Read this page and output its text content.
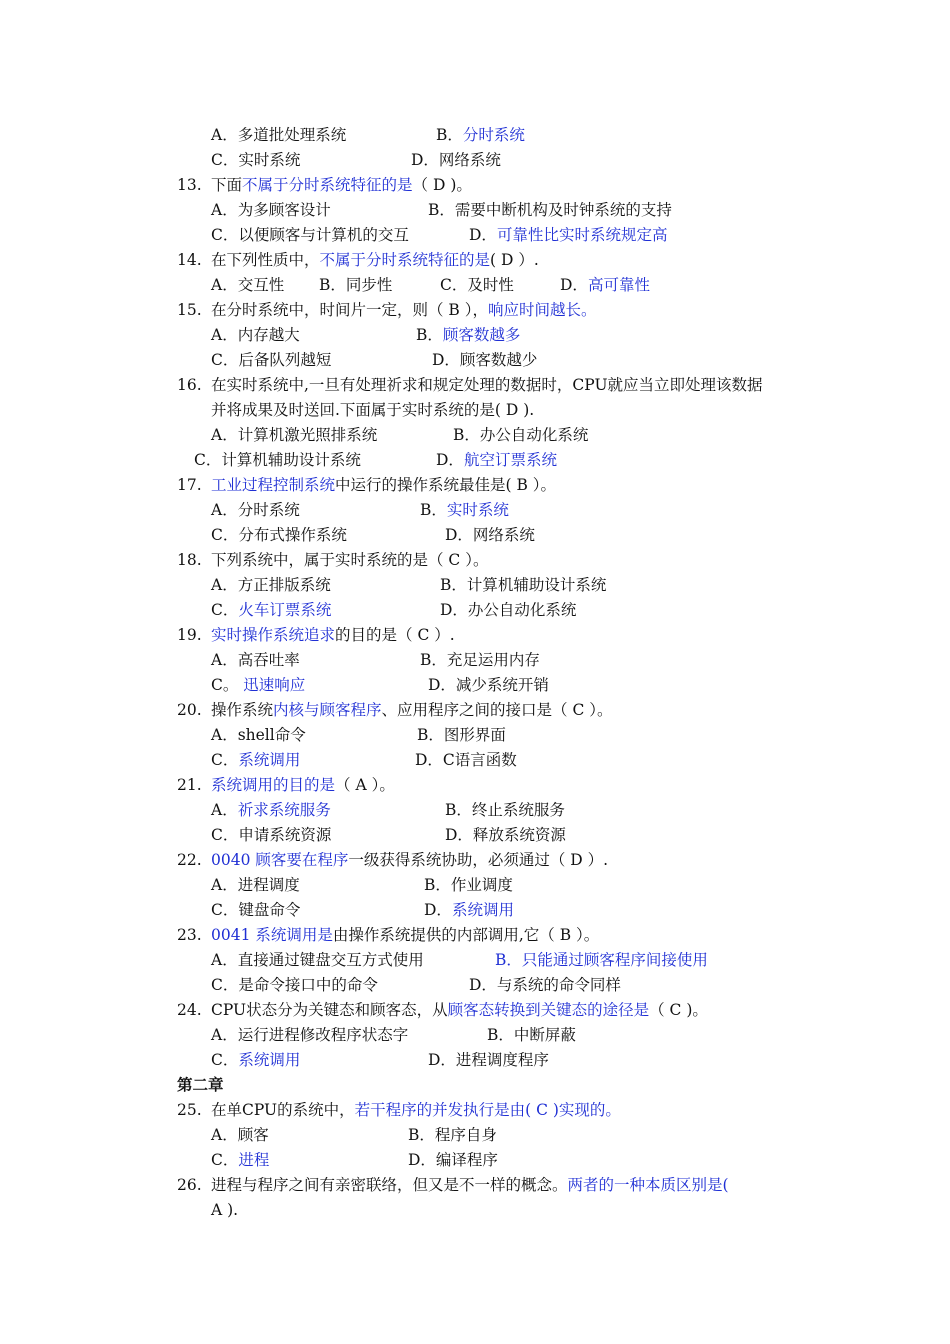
A．多道批处理系统	B．分时系统
C．实时系统	D．网络系统
13. 下面不属于分时系统特征的是（ D )。
A．为多顾客设计	B．需要中断机构及时钟系统的支持
C．以便顾客与计算机的交互	D．可靠性比实时系统规定高
14. 在下列性质中，不属于分时系统特征的是( D ）.
A．交互性 B．同步性	C．及时性	D．高可靠性
15. 在分时系统中，时间片一定，则（ B ），响应时间越长。
A．内存越大	B．顾客数越多
C．后备队列越短	D．顾客数越少
16. 在实时系统中,一旦有处理祈求和规定处理的数据时，CPU就应当立即处理该数据
并将成果及时送回.下面属于实时系统的是( D ).
A．计算机激光照排系统	B．办公自动化系统
C．计算机辅助设计系统	D．航空订票系统
17. 工业过程控制系统中运行的操作系统最佳是( B ）。
A．分时系统	B．实时系统
C．分布式操作系统	D．网络系统
18. 下列系统中，属于实时系统的是（ C ）。
A．方正排版系统	B．计算机辅助设计系统
C．火车订票系统	D．办公自动化系统
19. 实时操作系统追求的目的是（ C ）.
A．高吞吐率	B．充足运用内存
C。 迅速响应	D．减少系统开销
20. 操作系统内核与顾客程序、应用程序之间的接口是（ C ）。
A．shell命令	B．图形界面
C．系统调用	D．C语言函数
21. 系统调用的目的是（ A ）。
A．祈求系统服务	B．终止系统服务
C．申请系统资源	D．释放系统资源
22. 0040 顾客要在程序一级获得系统协助，必须通过（ D ）.
A．进程调度	B．作业调度
C．键盘命令	D．系统调用
23. 0041 系统调用是由操作系统提供的内部调用,它（ B ）。
A．直接通过键盘交互方式使用	B．只能通过顾客程序间接使用
C．是命令接口中的命令	D．与系统的命令同样
24. CPU状态分为关键态和顾客态，从顾客态转换到关键态的途径是（ C )。
A．运行进程修改程序状态字	B．中断屏蔽
C．系统调用	D．进程调度程序
第二章
25. 在单CPU的系统中，若干程序的并发执行是由( C )实现的。
A．顾客	B．程序自身
C．进程	D．编译程序
26. 进程与程序之间有亲密联络，但又是不一样的概念。两者的一种本质区别是(
A ).
